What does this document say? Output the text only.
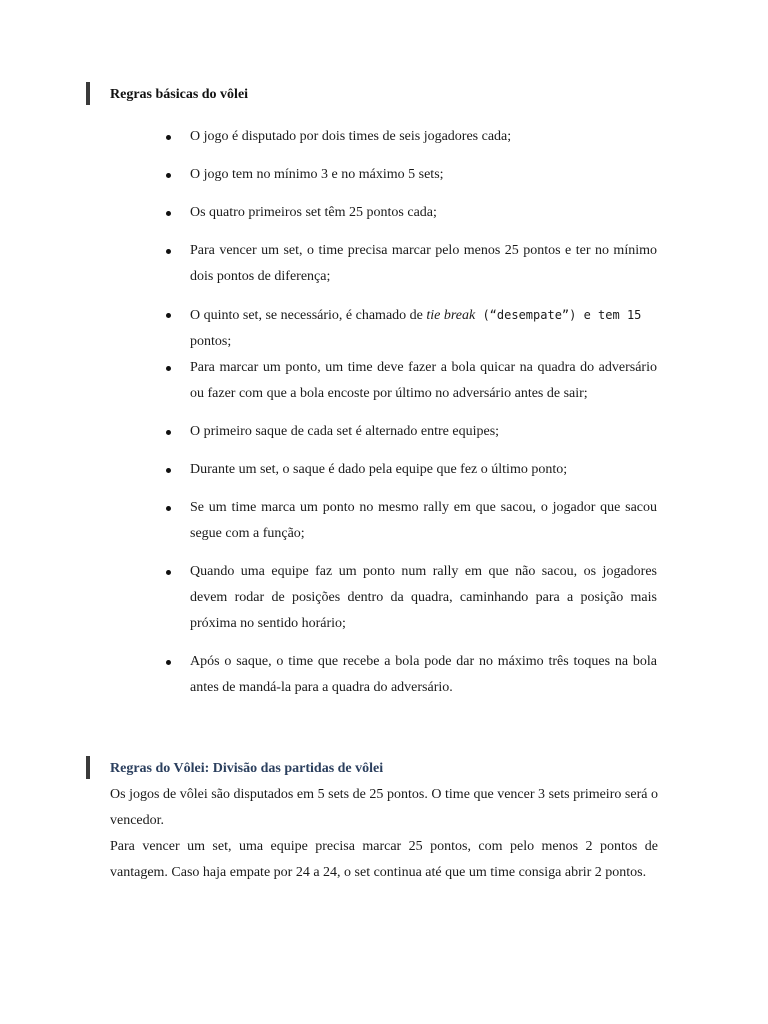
Regras básicas do vôlei
O jogo é disputado por dois times de seis jogadores cada;
O jogo tem no mínimo 3 e no máximo 5 sets;
Os quatro primeiros set têm 25 pontos cada;
Para vencer um set, o time precisa marcar pelo menos 25 pontos e ter no mínimo dois pontos de diferença;
O quinto set, se necessário, é chamado de tie break (“desempate”) e tem 15
pontos;
Para marcar um ponto, um time deve fazer a bola quicar na quadra do adversário ou fazer com que a bola encoste por último no adversário antes de sair;
O primeiro saque de cada set é alternado entre equipes;
Durante um set, o saque é dado pela equipe que fez o último ponto;
Se um time marca um ponto no mesmo rally em que sacou, o jogador que sacou segue com a função;
Quando uma equipe faz um ponto num rally em que não sacou, os jogadores devem rodar de posições dentro da quadra, caminhando para a posição mais próxima no sentido horário;
Após o saque, o time que recebe a bola pode dar no máximo três toques na bola antes de mandá-la para a quadra do adversário.
Regras do Vôlei: Divisão das partidas de vôlei

Os jogos de vôlei são disputados em 5 sets de 25 pontos. O time que vencer 3 sets primeiro será o vencedor.

Para vencer um set, uma equipe precisa marcar 25 pontos, com pelo menos 2 pontos de vantagem. Caso haja empate por 24 a 24, o set continua até que um time consiga abrir 2 pontos.
